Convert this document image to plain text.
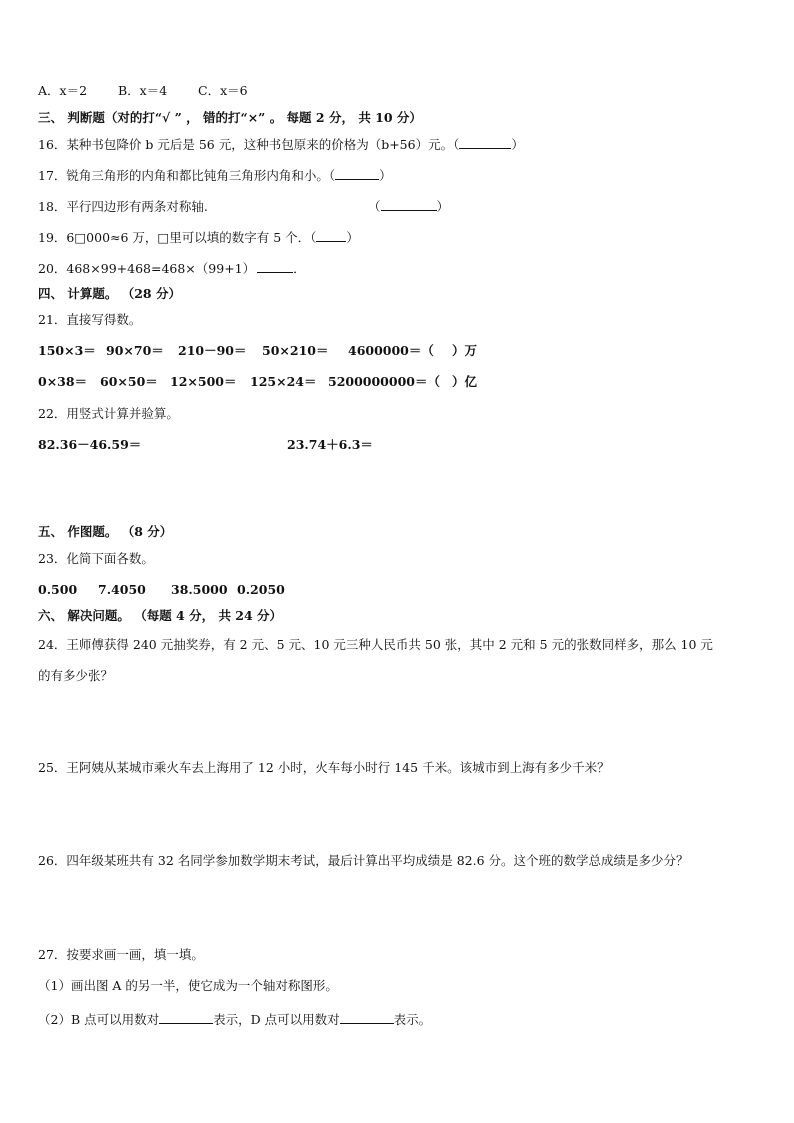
A．x＝2 B．x＝4 C．x＝6
三、 判断题（对的打“√ ” ， 错的打“×” 。 每题 2 分， 共 10 分）
16．某种书包降价 b 元后是 56 元，这种书包原来的价格为（b+56）元。（	）
17．锐角三角形的内角和都比钝角三角形内角和小。（	）
18．平行四边形有两条对称轴.	（	）
19．6□000≈6 万，□里可以填的数字有 5 个．（ ）
20．468×99+468=468×（99+1）	．
四、 计算题。 （28 分）
21．直接写得数。
150×3＝ 90×70＝ 210－90＝ 50×210＝ 4600000＝（ ）万
0×38＝ 60×50＝ 12×500＝ 125×24＝ 5200000000＝（ ）亿
22．用竖式计算并验算。
82.36－46.59＝	23.74＋6.3＝
五、 作图题。 （8 分）
23．化简下面各数。
0.500 7.4050 38.5000 0.2050
六、 解决问题。 （每题 4 分， 共 24 分）
24．王师傅获得 240 元抽奖券，有 2 元、5 元、10 元三种人民币共 50 张，其中 2 元和 5 元的张数同样多，那么 10 元
的有多少张？
25．王阿姨从某城市乘火车去上海用了 12 小时，火车每小时行 145 千米。该城市到上海有多少千米？
26．四年级某班共有 32 名同学参加数学期末考试，最后计算出平均成绩是 82.6 分。这个班的数学总成绩是多少分？
27．按要求画一画，填一填。
（1）画出图 A 的另一半，使它成为一个轴对称图形。
（2）B 点可以用数对	表示，D 点可以用数对	表示。
